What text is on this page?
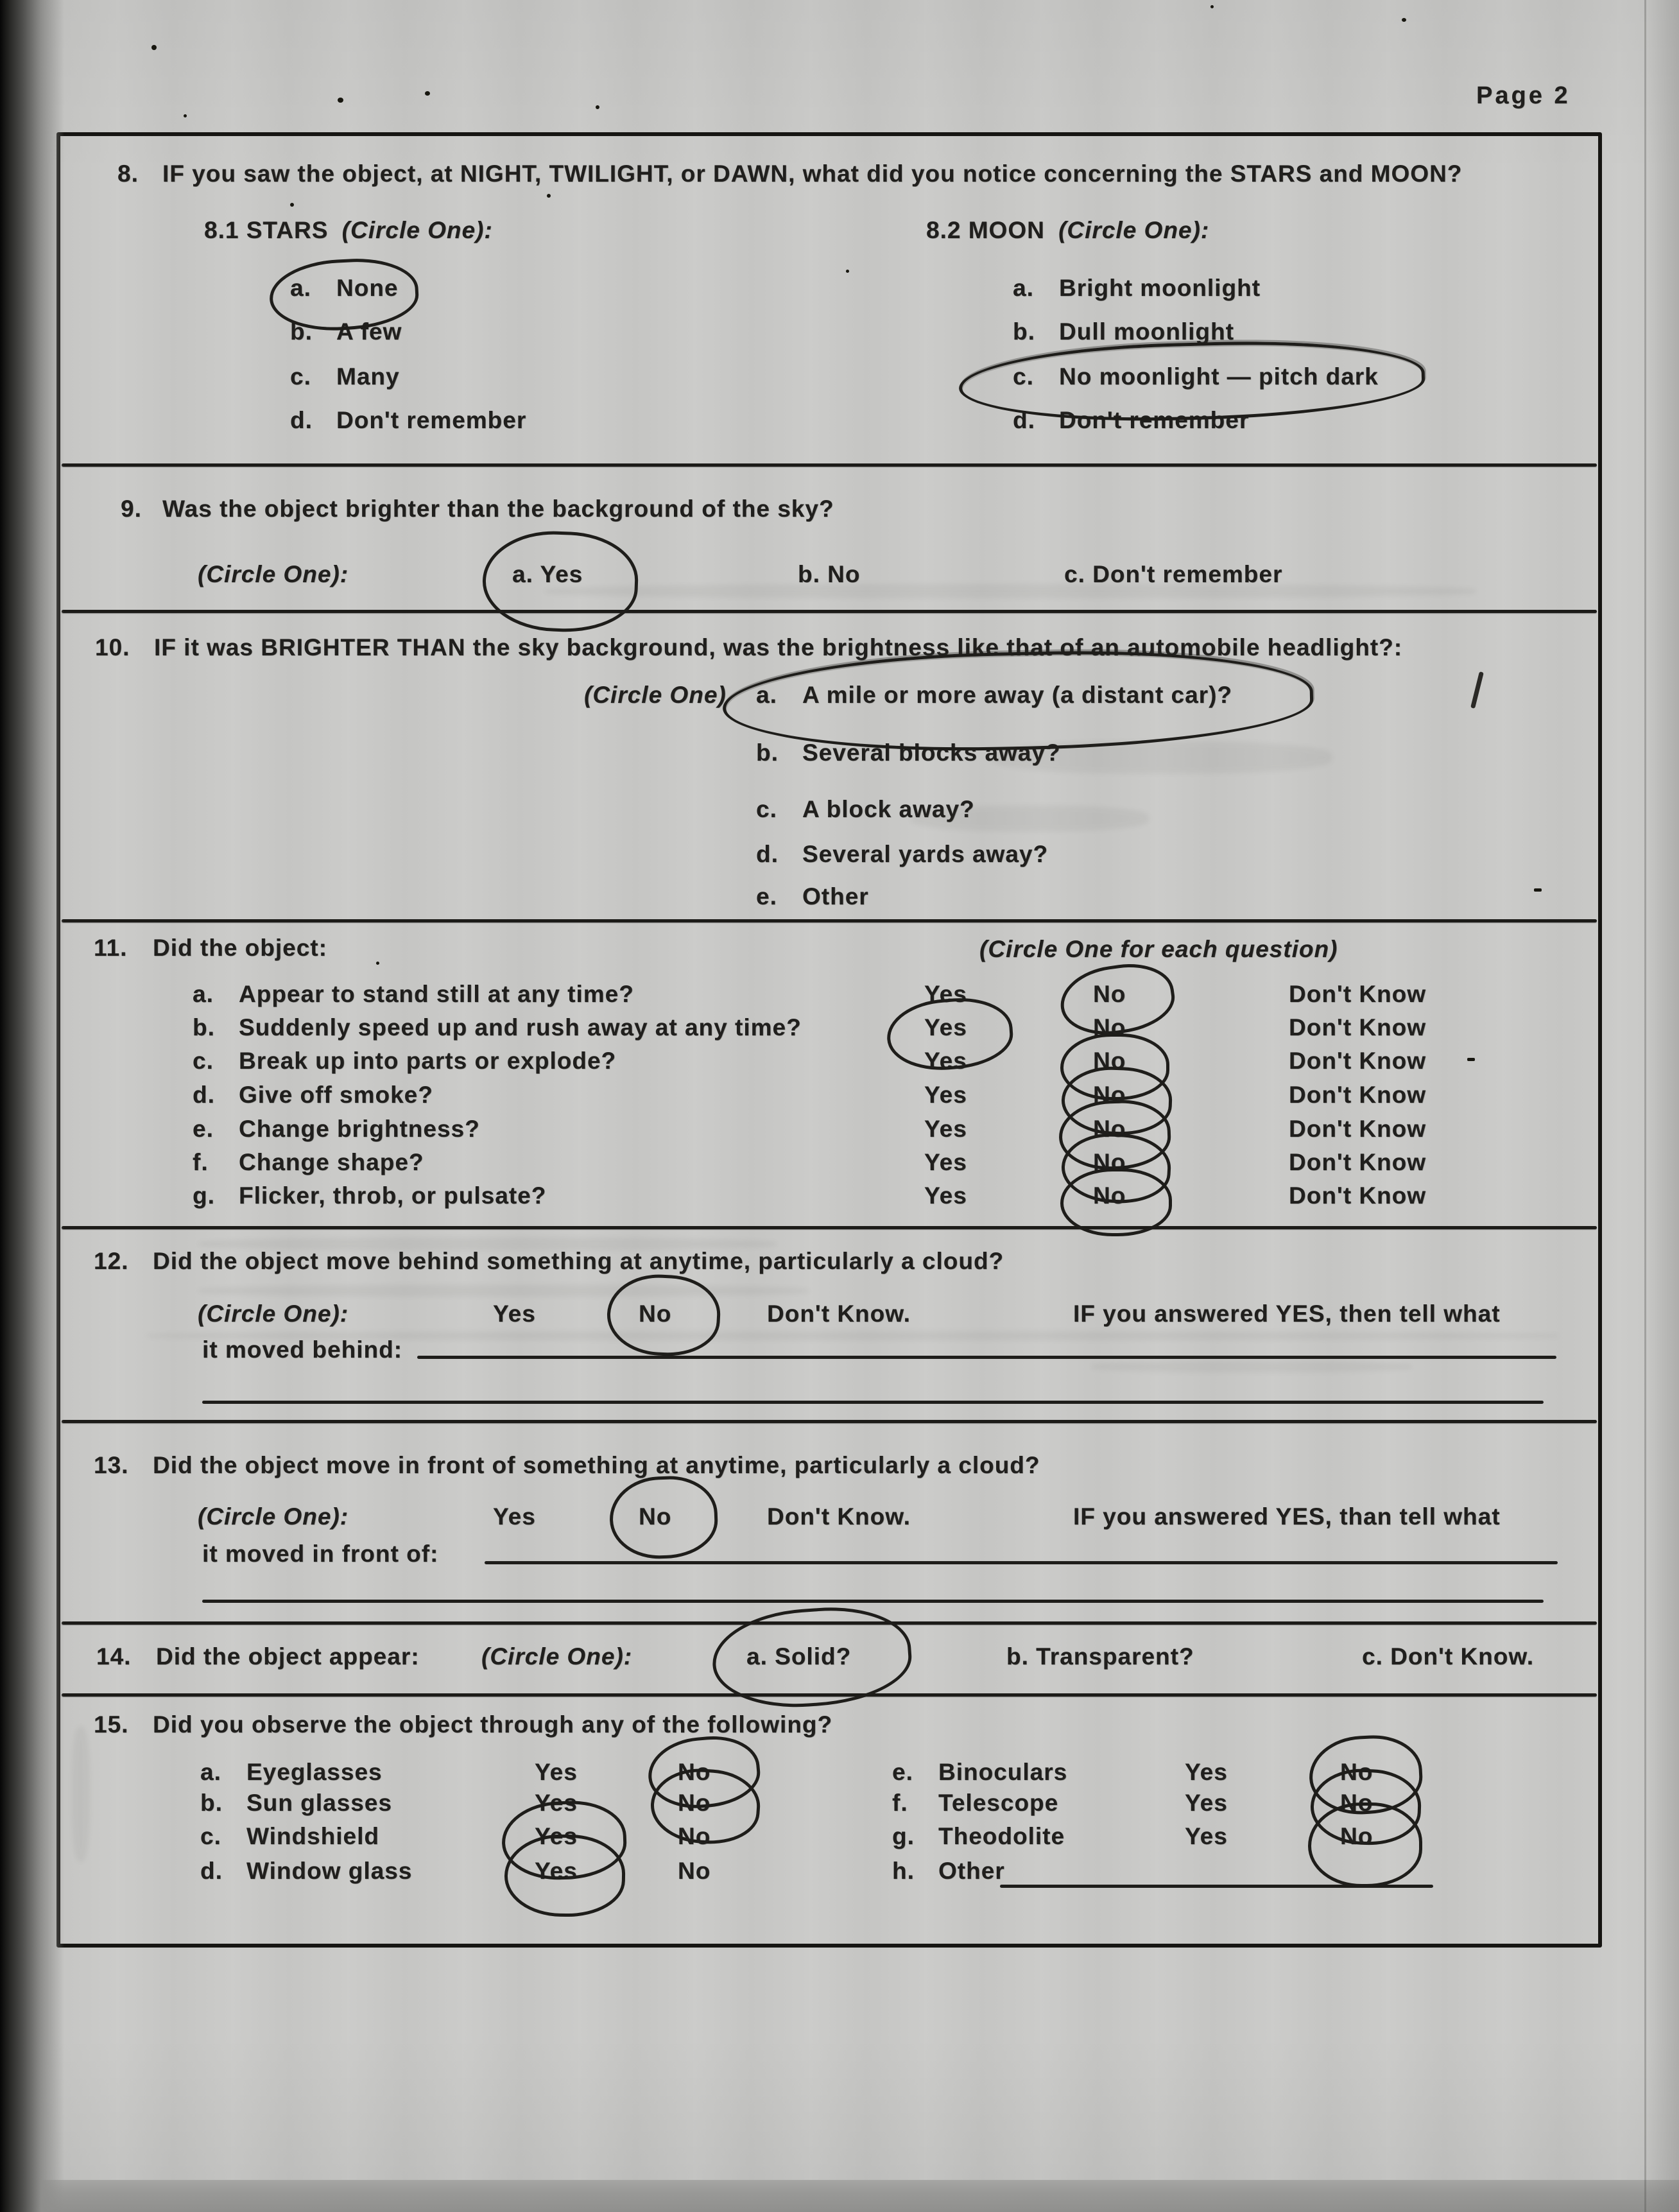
Page 2
8. IF you saw the object, at NIGHT, TWILIGHT, or DAWN, what did you notice concerning the STARS and MOON?
8.1 STARS (Circle One):	8.2 MOON (Circle One):
a. None
b. A few
c. Many
d. Don't remember
a. Bright moonlight
b. Dull moonlight
c. No moonlight — pitch dark
d. Don't remember
9. Was the object brighter than the background of the sky?
(Circle One):	a. Yes	b. No	c. Don't remember
10. IF it was BRIGHTER THAN the sky background, was the brightness like that of an automobile headlight?:
(Circle One) a. A mile or more away (a distant car)?
b. Several blocks away?
c. A block away?
d. Several yards away?
e. Other
11. Did the object:	(Circle One for each question)
a. Appear to stand still at any time?	Yes	No	Don't Know
b. Suddenly speed up and rush away at any time?	Yes	No	Don't Know
c. Break up into parts or explode?	Yes	No	Don't Know
d. Give off smoke?	Yes	No	Don't Know
e. Change brightness?	Yes	No	Don't Know
f. Change shape?	Yes	No	Don't Know
g. Flicker, throb, or pulsate?	Yes	No	Don't Know
12. Did the object move behind something at anytime, particularly a cloud?
(Circle One):	Yes	No	Don't Know.	IF you answered YES, then tell what
it moved behind:
13. Did the object move in front of something at anytime, particularly a cloud?
(Circle One):	Yes	No	Don't Know.	IF you answered YES, than tell what
it moved in front of:
14. Did the object appear:	(Circle One):	a. Solid?	b. Transparent?	c. Don't Know.
15. Did you observe the object through any of the following?
a. Eyeglasses	Yes	No
b. Sun glasses	Yes	No
c. Windshield	Yes	No
d. Window glass	Yes	No
e. Binoculars	Yes	No
f. Telescope	Yes	No
g. Theodolite	Yes	No
h. Other
